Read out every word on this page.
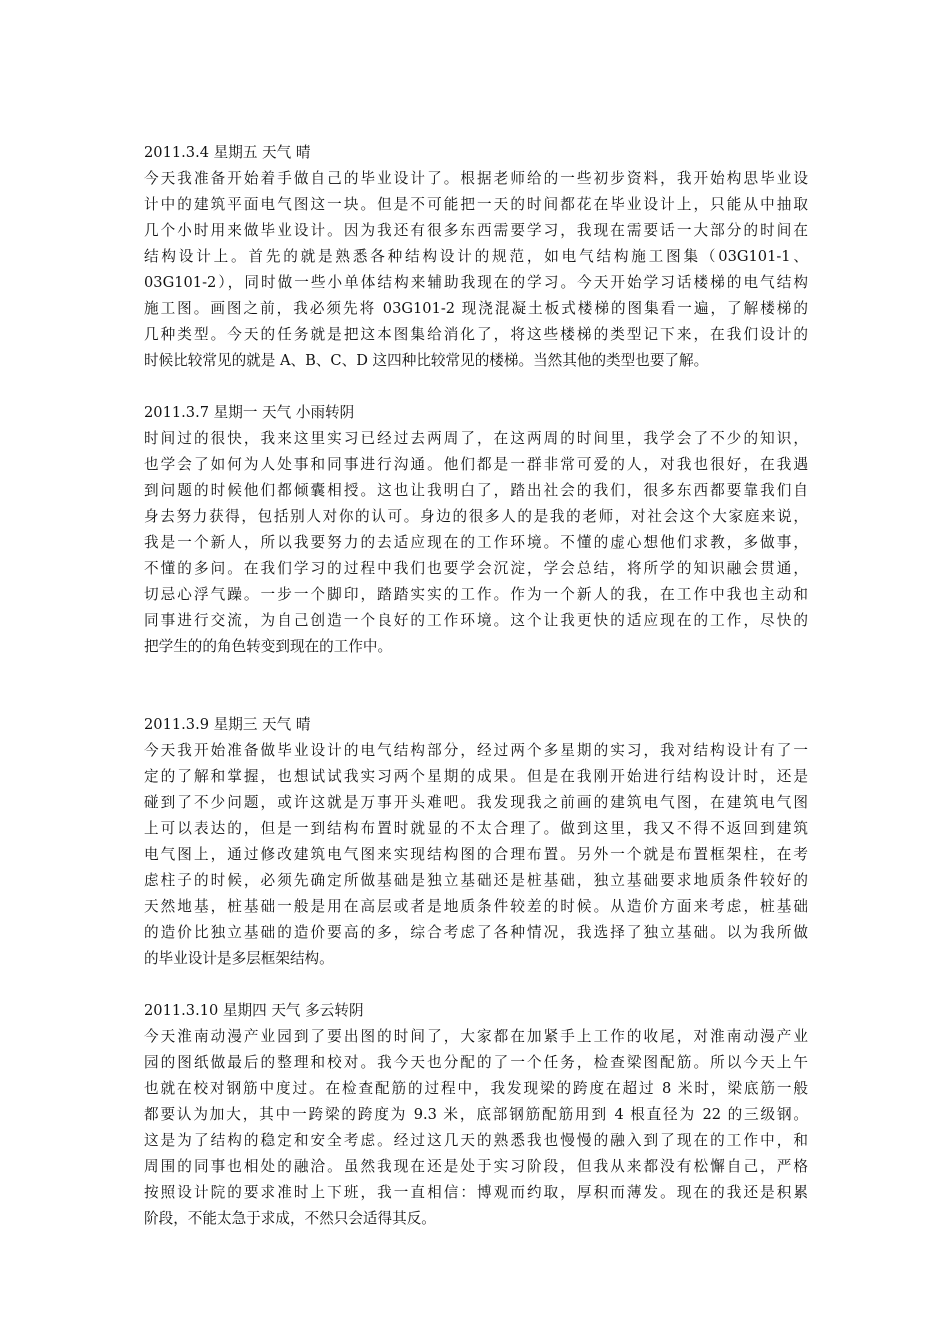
2011.3.4 星期五 天气 晴
今天我准备开始着手做自己的毕业设计了。根据老师给的一些初步资料，我开始构思毕业设
计中的建筑平面电气图这一块。但是不可能把一天的时间都花在毕业设计上，只能从中抽取
几个小时用来做毕业设计。因为我还有很多东西需要学习，我现在需要话一大部分的时间在
结构设计上。首先的就是熟悉各种结构设计的规范，如电气结构施工图集（03G101-1、
03G101-2），同时做一些小单体结构来辅助我现在的学习。今天开始学习话楼梯的电气结构
施工图。画图之前，我必须先将 03G101-2 现浇混凝土板式楼梯的图集看一遍，了解楼梯的
几种类型。今天的任务就是把这本图集给消化了，将这些楼梯的类型记下来，在我们设计的
时候比较常见的就是 A、B、C、D 这四种比较常见的楼梯。当然其他的类型也要了解。
2011.3.7 星期一 天气 小雨转阴
时间过的很快，我来这里实习已经过去两周了，在这两周的时间里，我学会了不少的知识，
也学会了如何为人处事和同事进行沟通。他们都是一群非常可爱的人，对我也很好，在我遇
到问题的时候他们都倾囊相授。这也让我明白了，踏出社会的我们，很多东西都要靠我们自
身去努力获得，包括别人对你的认可。身边的很多人的是我的老师，对社会这个大家庭来说，
我是一个新人，所以我要努力的去适应现在的工作环境。不懂的虚心想他们求教，多做事，
不懂的多问。在我们学习的过程中我们也要学会沉淀，学会总结，将所学的知识融会贯通，
切忌心浮气躁。一步一个脚印，踏踏实实的工作。作为一个新人的我，在工作中我也主动和
同事进行交流，为自己创造一个良好的工作环境。这个让我更快的适应现在的工作，尽快的
把学生的的角色转变到现在的工作中。
2011.3.9 星期三 天气 晴
今天我开始准备做毕业设计的电气结构部分，经过两个多星期的实习，我对结构设计有了一
定的了解和掌握，也想试试我实习两个星期的成果。但是在我刚开始进行结构设计时，还是
碰到了不少问题，或许这就是万事开头难吧。我发现我之前画的建筑电气图，在建筑电气图
上可以表达的，但是一到结构布置时就显的不太合理了。做到这里，我又不得不返回到建筑
电气图上，通过修改建筑电气图来实现结构图的合理布置。另外一个就是布置框架柱，在考
虑柱子的时候，必须先确定所做基础是独立基础还是桩基础，独立基础要求地质条件较好的
天然地基，桩基础一般是用在高层或者是地质条件较差的时候。从造价方面来考虑，桩基础
的造价比独立基础的造价要高的多，综合考虑了各种情况，我选择了独立基础。以为我所做
的毕业设计是多层框架结构。
2011.3.10 星期四 天气 多云转阴
今天淮南动漫产业园到了要出图的时间了，大家都在加紧手上工作的收尾，对淮南动漫产业
园的图纸做最后的整理和校对。我今天也分配的了一个任务，检查梁图配筋。所以今天上午
也就在校对钢筋中度过。在检查配筋的过程中，我发现梁的跨度在超过 8 米时，梁底筋一般
都要认为加大，其中一跨梁的跨度为 9.3 米，底部钢筋配筋用到 4 根直径为 22 的三级钢。
这是为了结构的稳定和安全考虑。经过这几天的熟悉我也慢慢的融入到了现在的工作中，和
周围的同事也相处的融洽。虽然我现在还是处于实习阶段，但我从来都没有松懈自己，严格
按照设计院的要求准时上下班，我一直相信：博观而约取，厚积而薄发。现在的我还是积累
阶段，不能太急于求成，不然只会适得其反。
